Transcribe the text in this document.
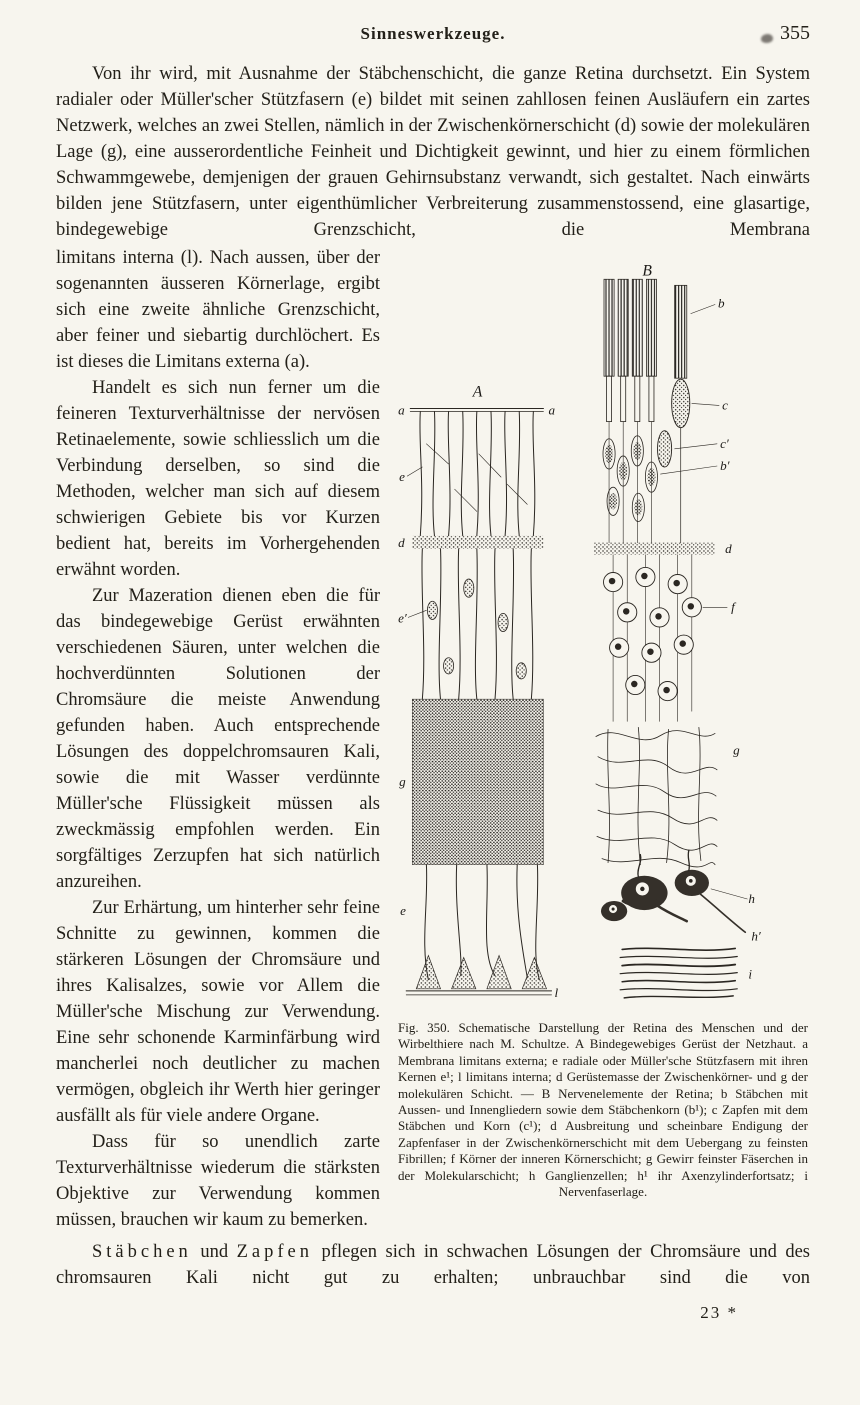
Sinneswerkzeuge.	355

Von ihr wird, mit Ausnahme der Stäbchenschicht, die ganze Retina durchsetzt. Ein System radialer oder Müller'scher Stützfasern (e) bildet mit seinen zahllosen feinen Ausläufern ein zartes Netzwerk, welches an zwei Stellen, nämlich in der Zwischenkörnerschicht (d) sowie der molekulären Lage (g), eine ausserordentliche Feinheit und Dichtigkeit gewinnt, und hier zu einem förmlichen Schwammgewebe, demjenigen der grauen Gehirnsubstanz verwandt, sich gestaltet. Nach einwärts bilden jene Stützfasern, unter eigenthümlicher Verbreiterung zusammenstossend, eine glasartige, bindegewebige Grenzschicht, die Membrana

A
B
a	a
e
d
e′
g
e
l
b
c
c′
b′
d
f
g
h
h′
i
Fig. 350. Schematische Darstellung der Retina des Menschen und der Wirbelthiere nach M. Schultze. A Bindegewebiges Gerüst der Netzhaut. a Membrana limitans externa; e radiale oder Müller'sche Stützfasern mit ihren Kernen e¹; l limitans interna; d Gerüstemasse der Zwischenkörner- und g der molekulären Schicht. — B Nervenelemente der Retina; b Stäbchen mit Aussen- und Innengliedern sowie dem Stäbchenkorn (b¹); c Zapfen mit dem Stäbchen und Korn (c¹); d Ausbreitung und scheinbare Endigung der Zapfenfaser in der Zwischenkörnerschicht mit dem Uebergang zu feinsten Fibrillen; f Körner der inneren Körnerschicht; g Gewirr feinster Fäserchen in der Molekularschicht; h Ganglienzellen; h¹ ihr Axenzylinderfortsatz; i Nervenfaserlage.

limitans interna (l). Nach aussen, über der sogenannten äusseren Körnerlage, ergibt sich eine zweite ähnliche Grenzschicht, aber feiner und siebartig durchlöchert. Es ist dieses die Limitans externa (a).

Handelt es sich nun ferner um die feineren Texturverhältnisse der nervösen Retinaelemente, sowie schliesslich um die Verbindung derselben, so sind die Methoden, welcher man sich auf diesem schwierigen Gebiete bis vor Kurzen bedient hat, bereits im Vorhergehenden erwähnt worden.

Zur Mazeration dienen eben die für das bindegewebige Gerüst erwähnten verschiedenen Säuren, unter welchen die hochverdünnten Solutionen der Chromsäure die meiste Anwendung gefunden haben. Auch entsprechende Lösungen des doppelchromsauren Kali, sowie die mit Wasser verdünnte Müller'sche Flüssigkeit müssen als zweckmässig empfohlen werden. Ein sorgfältiges Zerzupfen hat sich natürlich anzureihen.

Zur Erhärtung, um hinterher sehr feine Schnitte zu gewinnen, kommen die stärkeren Lösungen der Chromsäure und ihres Kalisalzes, sowie vor Allem die Müller'sche Mischung zur Verwendung. Eine sehr schonende Karminfärbung wird mancherlei noch deutlicher zu machen vermögen, obgleich ihr Werth hier geringer ausfällt als für viele andere Organe.

Dass für so unendlich zarte Texturverhältnisse wiederum die stärksten Objektive zur Verwendung kommen müssen, brauchen wir kaum zu bemerken.

Stäbchen und Zapfen pflegen sich in schwachen Lösungen der Chromsäure und des chromsauren Kali nicht gut zu erhalten; unbrauchbar sind die von

23 *
